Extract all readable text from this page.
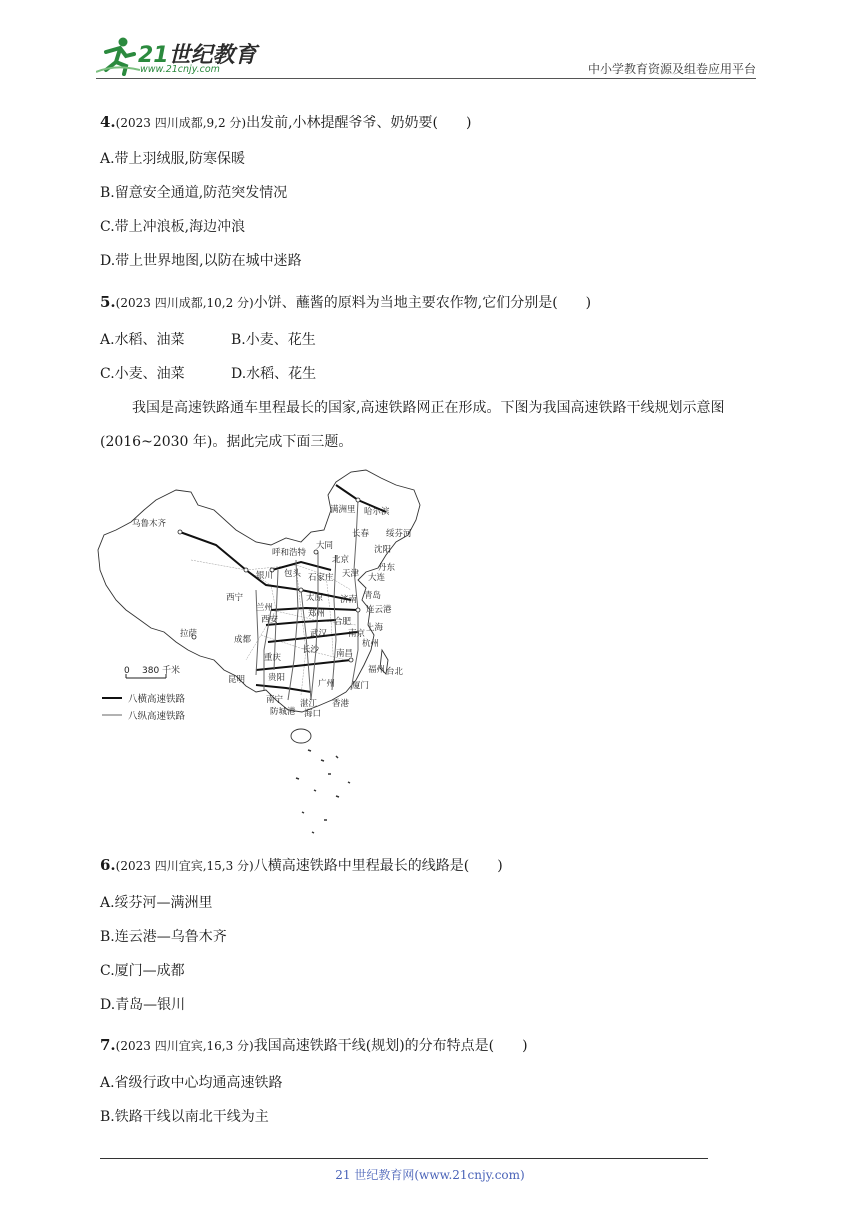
21世纪教育
www.21cnjy.com	中小学教育资源及组卷应用平台
4.(2023 四川成都,9,2 分)出发前,小林提醒爷爷、奶奶要(　　)
A.带上羽绒服,防寒保暖
B.留意安全通道,防范突发情况
C.带上冲浪板,海边冲浪
D.带上世界地图,以防在城中迷路
5.(2023 四川成都,10,2 分)小饼、蘸酱的原料为当地主要农作物,它们分别是(　　)
A.水稻、油菜	B.小麦、花生
C.小麦、油菜	D.水稻、花生
我国是高速铁路通车里程最长的国家,高速铁路网正在形成。下图为我国高速铁路干线规划示意图(2016~2030 年)。据此完成下面三题。
乌鲁木齐
满洲里 哈尔滨
长春 绥芬河
沈阳
丹东
呼和浩特
大同
北京
天津 大连
银川 包头 石家庄
太原 济南 青岛
西宁
兰州
郑州	连云港
西安	合肥
上海
南京
成都
武汉
杭州
拉萨
重庆
长沙 南昌
福州
昆明	贵阳
台北
南宁
广州 厦门
防城港
湛江
海口
香港
0 380 千米
八横高速铁路
八纵高速铁路
6.(2023 四川宜宾,15,3 分)八横高速铁路中里程最长的线路是(　　)
A.绥芬河—满洲里
B.连云港—乌鲁木齐
C.厦门—成都
D.青岛—银川
7.(2023 四川宜宾,16,3 分)我国高速铁路干线(规划)的分布特点是(　　)
A.省级行政中心均通高速铁路
B.铁路干线以南北干线为主
21 世纪教育网(www.21cnjy.com)
